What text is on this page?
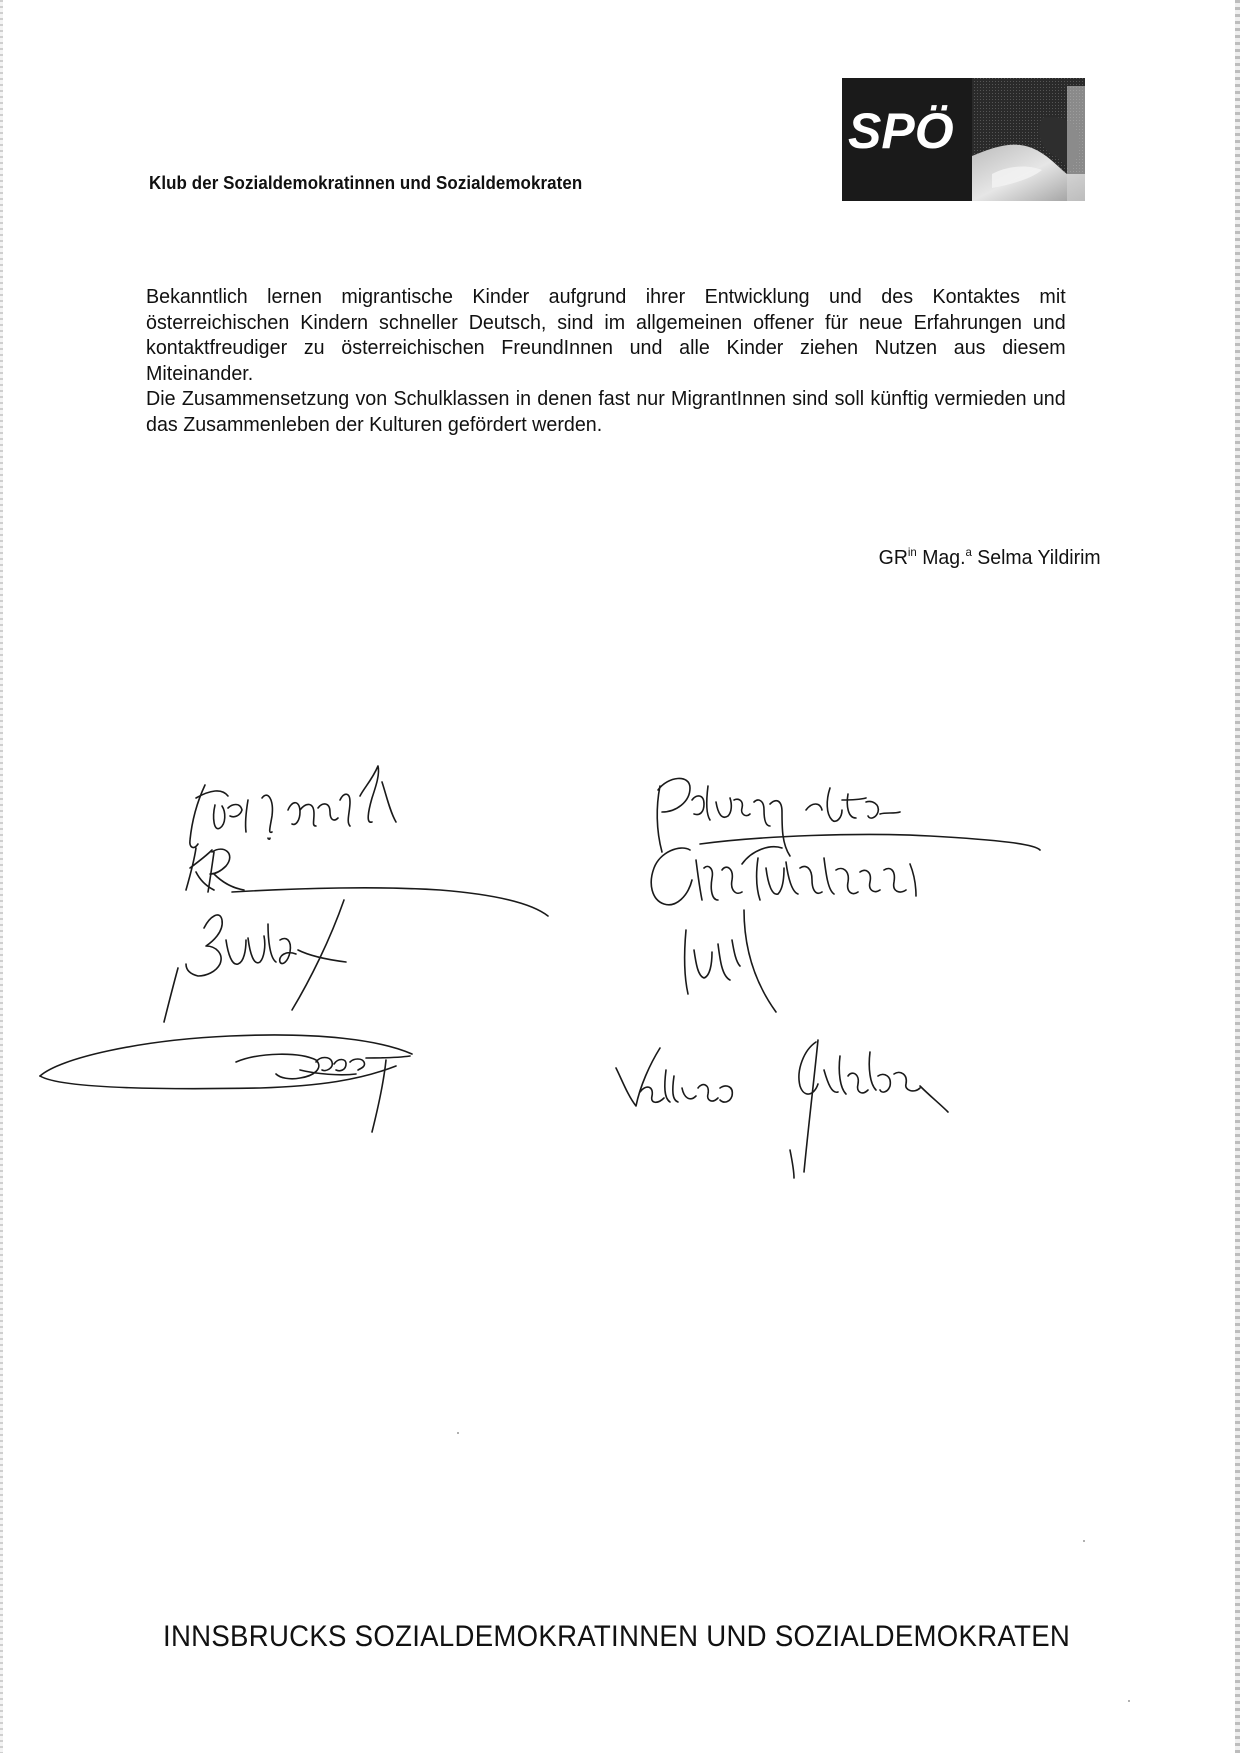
Klub der Sozialdemokratinnen und Sozialdemokraten
SPÖ

Bekanntlich lernen migrantische Kinder aufgrund ihrer Entwicklung und des Kontaktes mit österreichischen Kindern schneller Deutsch, sind im allgemeinen offener für neue Erfahrungen und kontaktfreudiger zu österreichischen FreundInnen und alle Kinder ziehen Nutzen aus diesem Miteinander.

Die Zusammensetzung von Schulklassen in denen fast nur MigrantInnen sind soll künftig vermieden und das Zusammenleben der Kulturen gefördert werden.

$GR^{in}$ Mag.$^a$ Selma Yildirim
INNSBRUCKS SOZIALDEMOKRATINNEN UND SOZIALDEMOKRATEN
